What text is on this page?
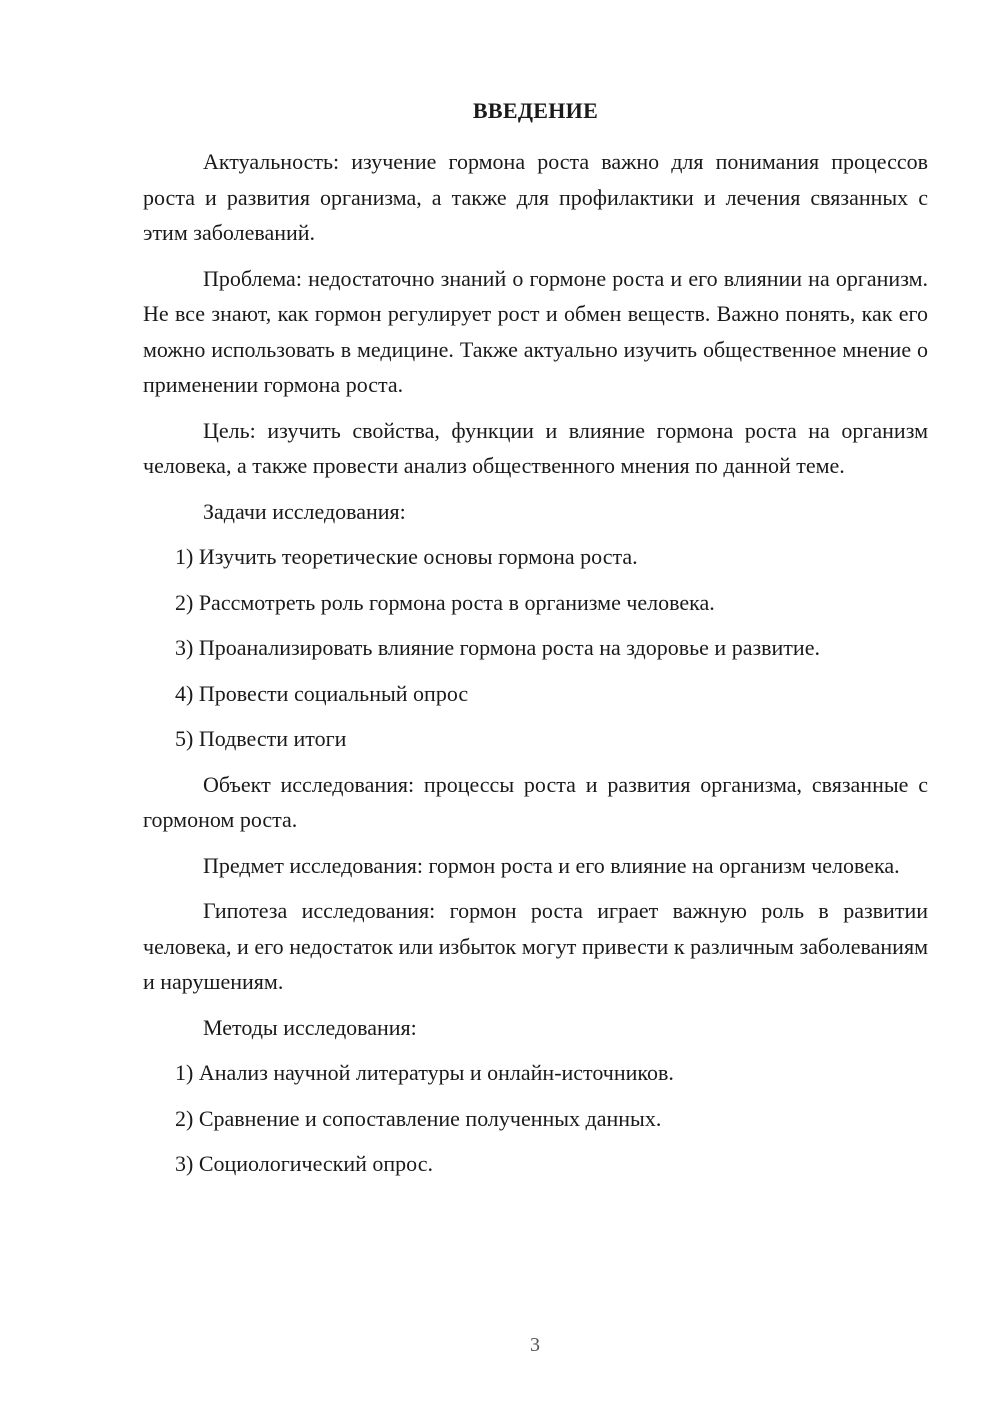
ВВЕДЕНИЕ

Актуальность: изучение гормона роста важно для понимания процессов роста и развития организма, а также для профилактики и лечения связанных с этим заболеваний.

Проблема: недостаточно знаний о гормоне роста и его влиянии на организм. Не все знают, как гормон регулирует рост и обмен веществ. Важно понять, как его можно использовать в медицине. Также актуально изучить общественное мнение о применении гормона роста.

Цель: изучить свойства, функции и влияние гормона роста на организм человека, а также провести анализ общественного мнения по данной теме.

Задачи исследования:

1) Изучить теоретические основы гормона роста.
2) Рассмотреть роль гормона роста в организме человека.
3) Проанализировать влияние гормона роста на здоровье и развитие.
4) Провести социальный опрос
5) Подвести итоги

Объект исследования: процессы роста и развития организма, связанные с гормоном роста.

Предмет исследования: гормон роста и его влияние на организм человека.

Гипотеза исследования: гормон роста играет важную роль в развитии человека, и его недостаток или избыток могут привести к различным заболеваниям и нарушениям.

Методы исследования:

1) Анализ научной литературы и онлайн-источников.
2) Сравнение и сопоставление полученных данных.
3) Социологический опрос.
3
